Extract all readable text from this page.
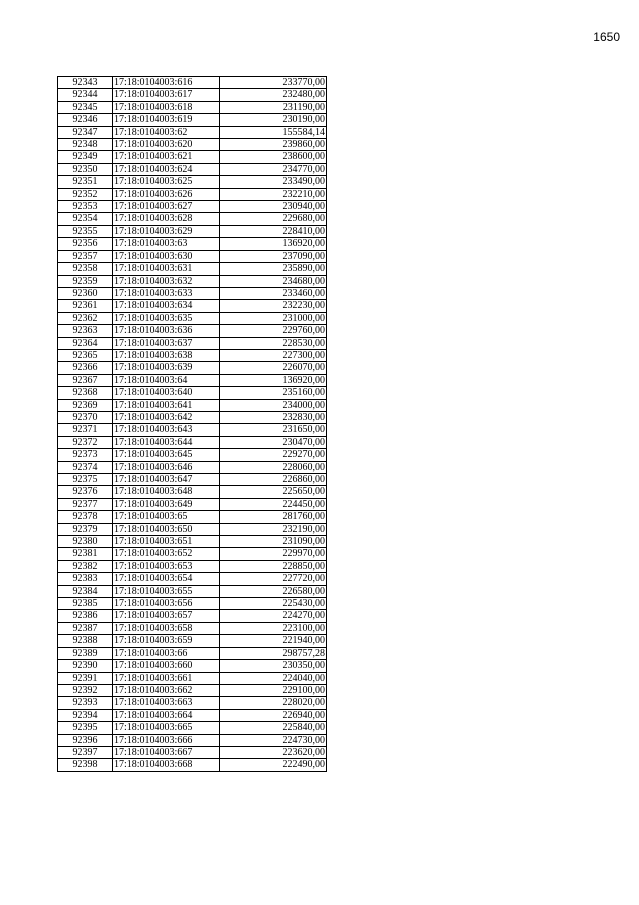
1650
92343	17:18:0104003:616	233770,00
92344	17:18:0104003:617	232480,00
92345	17:18:0104003:618	231190,00
92346	17:18:0104003:619	230190,00
92347	17:18:0104003:62	155584,14
92348	17:18:0104003:620	239860,00
92349	17:18:0104003:621	238600,00
92350	17:18:0104003:624	234770,00
92351	17:18:0104003:625	233490,00
92352	17:18:0104003:626	232210,00
92353	17:18:0104003:627	230940,00
92354	17:18:0104003:628	229680,00
92355	17:18:0104003:629	228410,00
92356	17:18:0104003:63	136920,00
92357	17:18:0104003:630	237090,00
92358	17:18:0104003:631	235890,00
92359	17:18:0104003:632	234680,00
92360	17:18:0104003:633	233460,00
92361	17:18:0104003:634	232230,00
92362	17:18:0104003:635	231000,00
92363	17:18:0104003:636	229760,00
92364	17:18:0104003:637	228530,00
92365	17:18:0104003:638	227300,00
92366	17:18:0104003:639	226070,00
92367	17:18:0104003:64	136920,00
92368	17:18:0104003:640	235160,00
92369	17:18:0104003:641	234000,00
92370	17:18:0104003:642	232830,00
92371	17:18:0104003:643	231650,00
92372	17:18:0104003:644	230470,00
92373	17:18:0104003:645	229270,00
92374	17:18:0104003:646	228060,00
92375	17:18:0104003:647	226860,00
92376	17:18:0104003:648	225650,00
92377	17:18:0104003:649	224450,00
92378	17:18:0104003:65	281760,00
92379	17:18:0104003:650	232190,00
92380	17:18:0104003:651	231090,00
92381	17:18:0104003:652	229970,00
92382	17:18:0104003:653	228850,00
92383	17:18:0104003:654	227720,00
92384	17:18:0104003:655	226580,00
92385	17:18:0104003:656	225430,00
92386	17:18:0104003:657	224270,00
92387	17:18:0104003:658	223100,00
92388	17:18:0104003:659	221940,00
92389	17:18:0104003:66	298757,28
92390	17:18:0104003:660	230350,00
92391	17:18:0104003:661	224040,00
92392	17:18:0104003:662	229100,00
92393	17:18:0104003:663	228020,00
92394	17:18:0104003:664	226940,00
92395	17:18:0104003:665	225840,00
92396	17:18:0104003:666	224730,00
92397	17:18:0104003:667	223620,00
92398	17:18:0104003:668	222490,00
